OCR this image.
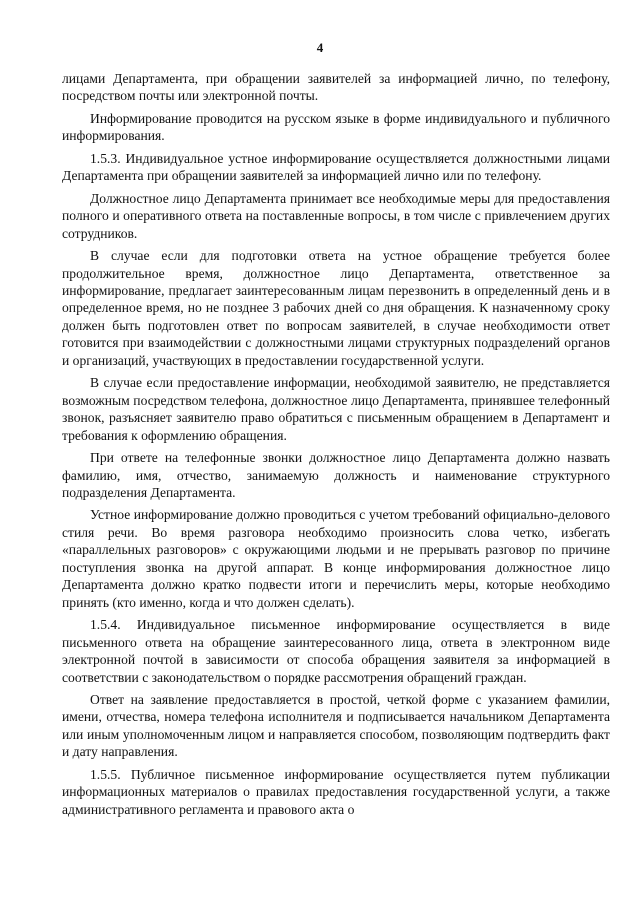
4

лицами Департамента, при обращении заявителей за информацией лично, по телефону, посредством почты или электронной почты.

Информирование проводится на русском языке в форме индивидуального и публичного информирования.

1.5.3. Индивидуальное устное информирование осуществляется должностными лицами Департамента при обращении заявителей за информацией лично или по телефону.

Должностное лицо Департамента принимает все необходимые меры для предоставления полного и оперативного ответа на поставленные вопросы, в том числе с привлечением других сотрудников.

В случае если для подготовки ответа на устное обращение требуется более продолжительное время, должностное лицо Департамента, ответственное за информирование, предлагает заинтересованным лицам перезвонить в определенный день и в определенное время, но не позднее 3 рабочих дней со дня обращения. К назначенному сроку должен быть подготовлен ответ по вопросам заявителей, в случае необходимости ответ готовится при взаимодействии с должностными лицами структурных подразделений органов и организаций, участвующих в предоставлении государственной услуги.

В случае если предоставление информации, необходимой заявителю, не представляется возможным посредством телефона, должностное лицо Департамента, принявшее телефонный звонок, разъясняет заявителю право обратиться с письменным обращением в Департамент и требования к оформлению обращения.

При ответе на телефонные звонки должностное лицо Департамента должно назвать фамилию, имя, отчество, занимаемую должность и наименование структурного подразделения Департамента.

Устное информирование должно проводиться с учетом требований официально-делового стиля речи. Во время разговора необходимо произносить слова четко, избегать «параллельных разговоров» с окружающими людьми и не прерывать разговор по причине поступления звонка на другой аппарат. В конце информирования должностное лицо Департамента должно кратко подвести итоги и перечислить меры, которые необходимо принять (кто именно, когда и что должен сделать).

1.5.4. Индивидуальное письменное информирование осуществляется в виде письменного ответа на обращение заинтересованного лица, ответа в электронном виде электронной почтой в зависимости от способа обращения заявителя за информацией в соответствии с законодательством о порядке рассмотрения обращений граждан.

Ответ на заявление предоставляется в простой, четкой форме с указанием фамилии, имени, отчества, номера телефона исполнителя и подписывается начальником Департамента или иным уполномоченным лицом и направляется способом, позволяющим подтвердить факт и дату направления.

1.5.5. Публичное письменное информирование осуществляется путем публикации информационных материалов о правилах предоставления государственной услуги, а также административного регламента и правового акта о
